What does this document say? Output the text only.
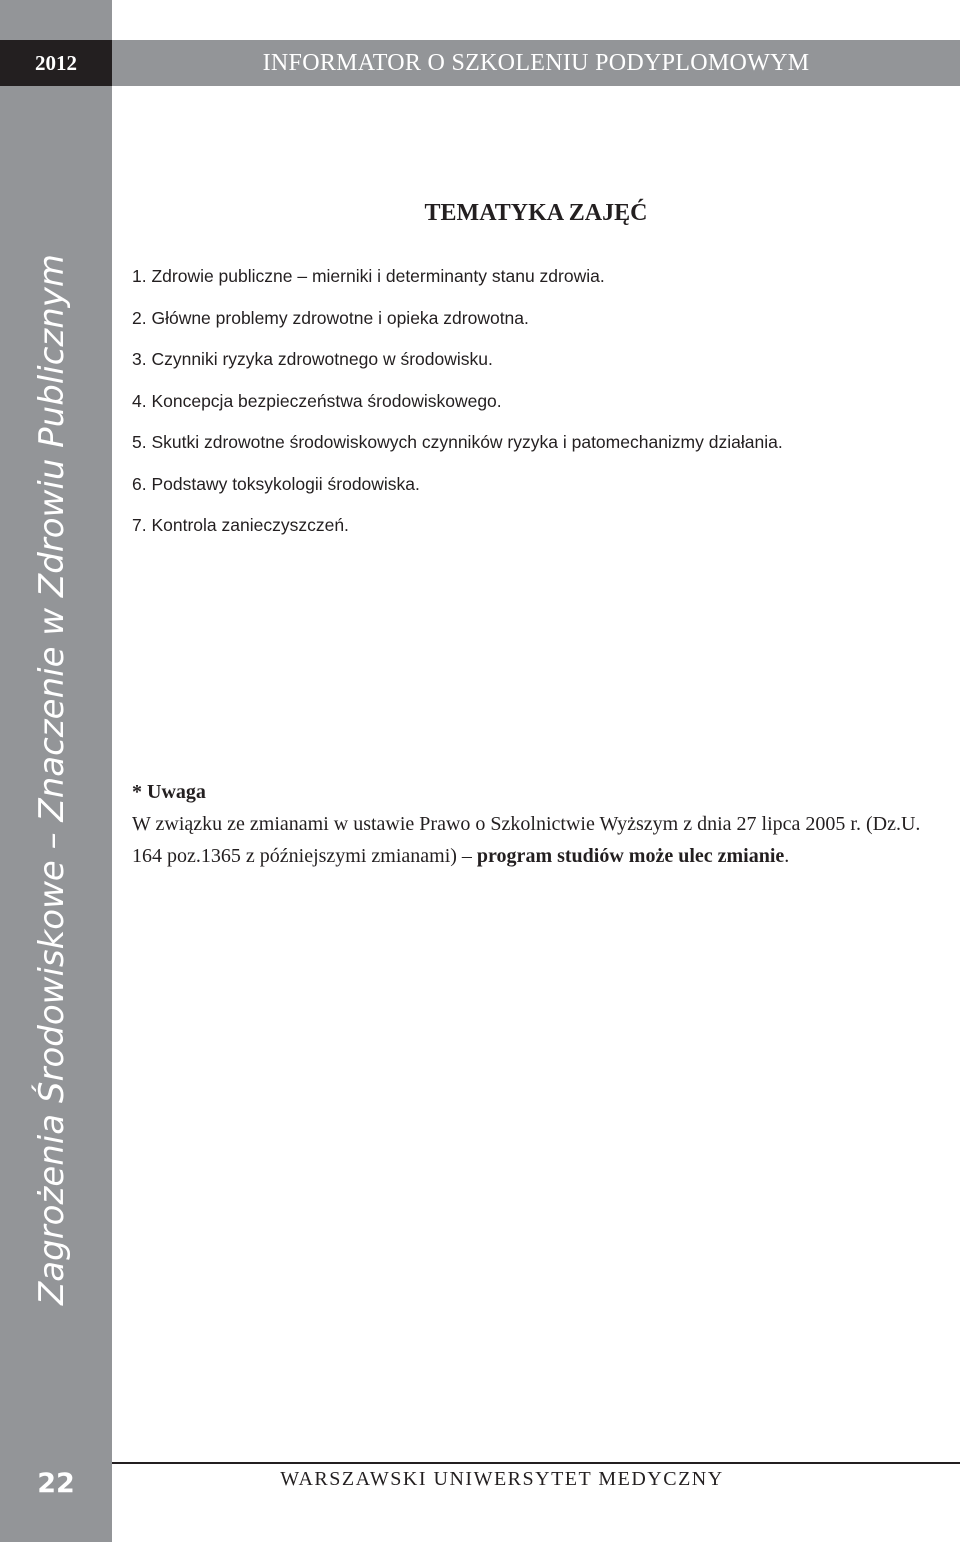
2012	INFORMATOR O SZKOLENIU PODYPLOMOWYM
Zagrożenia Środowiskowe – Znaczenie w Zdrowiu Publicznym
22
TEMATYKA ZAJĘĆ
1. Zdrowie publiczne – mierniki i determinanty stanu zdrowia.
2. Główne problemy zdrowotne i opieka zdrowotna.
3. Czynniki ryzyka zdrowotnego w środowisku.
4. Koncepcja bezpieczeństwa środowiskowego.
5. Skutki zdrowotne środowiskowych czynników ryzyka i patomechanizmy działania.
6. Podstawy toksykologii środowiska.
7. Kontrola zanieczyszczeń.
* Uwaga
W związku ze zmianami w ustawie Prawo o Szkolnictwie Wyższym z dnia 27 lipca 2005 r. (Dz.U. 164 poz.1365 z późniejszymi zmianami) – program studiów może ulec zmianie.
WARSZAWSKI UNIWERSYTET MEDYCZNY
